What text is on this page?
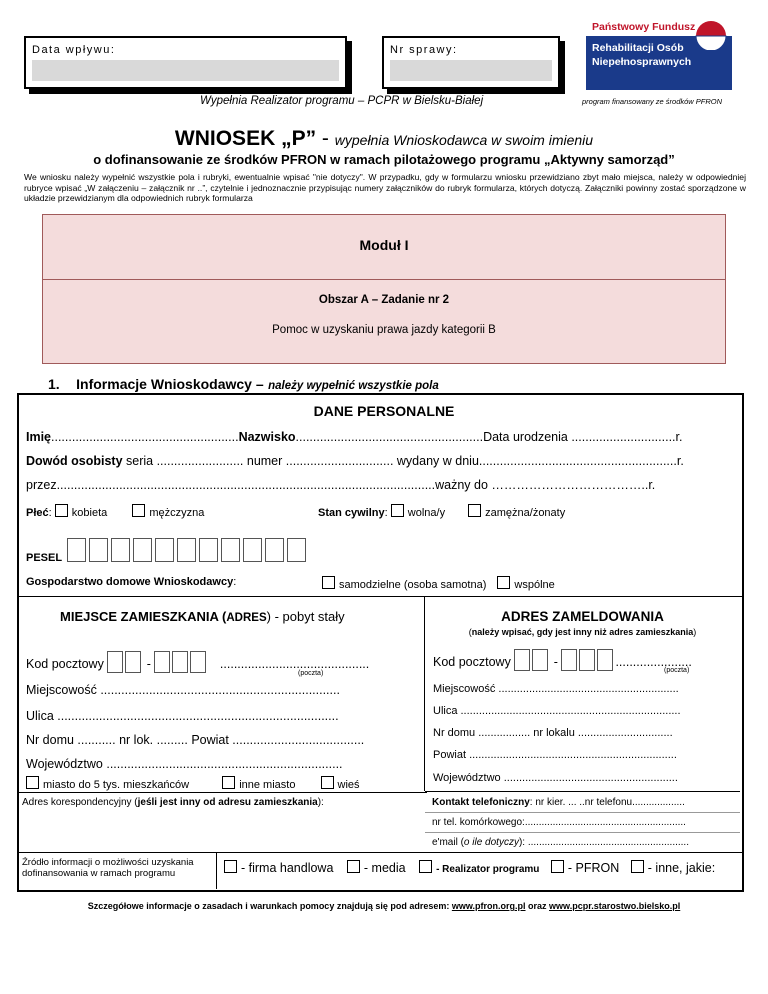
Data wpływu:	Nr sprawy:
Wypełnia Realizator programu – PCPR w Bielsku-Białej
Państwowy Fundusz
Rehabilitacji Osób
Niepełnosprawnych
program finansowany ze środków PFRON
WNIOSEK „P” - wypełnia Wnioskodawca w swoim imieniu
o dofinansowanie ze środków PFRON w ramach pilotażowego programu „Aktywny samorząd”
We wniosku należy wypełnić wszystkie pola i rubryki, ewentualnie wpisać "nie dotyczy". W przypadku, gdy w formularzu wniosku przewidziano zbyt mało miejsca, należy w odpowiedniej rubryce wpisać „W załączeniu – załącznik nr ..”, czytelnie i jednoznacznie przypisując numery załączników do rubryk formularza, których dotyczą. Załączniki powinny zostać sporządzone w układzie przewidzianym dla odpowiednich rubryk formularza
Moduł I
Obszar A – Zadanie nr 2
Pomoc w uzyskaniu prawa jazdy kategorii B
1. Informacje Wnioskodawcy – należy wypełnić wszystkie pola
DANE PERSONALNE
Imię......................................................Nazwisko......................................................Data urodzenia ..............................r.
Dowód osobisty seria ......................... numer ............................... wydany w dniu.........................................................r.
przez.............................................................................................................ważny do ………………………………..r.
Płeć: kobieta	mężczyzna	Stan cywilny: wolna/y	zamężna/żonaty
$_{PESEL}$
Gospodarstwo domowe Wnioskodawcy:	samodzielne (osoba samotna)	wspólne
MIEJSCE ZAMIESZKANIA (ADRES) - pobyt stały
Kod pocztowy	-	...........................................
(poczta)
Miejscowość .....................................................................
Ulica .................................................................................
Nr domu ........... nr lok. ......... Powiat ......................................
Województwo ....................................................................
miasto do 5 tys. mieszkańców	inne miasto	wieś
Adres korespondencyjny (jeśli jest inny od adresu zamieszkania):
ADRES ZAMELDOWANIA
(należy wpisać, gdy jest inny niż adres zamieszkania)
Kod pocztowy	-	......................
(poczta)
Miejscowość ...........................................................
Ulica ........................................................................
Nr domu ................. nr lokalu ...............................
Powiat ....................................................................
Województwo .........................................................
Kontakt telefoniczny: nr kier. ... ..nr telefonu...................
nr tel. komórkowego:..........................................................
e'mail (o ile dotyczy): ..........................................................
Źródło informacji o możliwości uzyskania dofinansowania w ramach programu	- firma handlowa - media	- Realizator programu - PFRON - inne, jakie:
Szczegółowe informacje o zasadach i warunkach pomocy znajdują się pod adresem: www.pfron.org.pl oraz www.pcpr.starostwo.bielsko.pl
